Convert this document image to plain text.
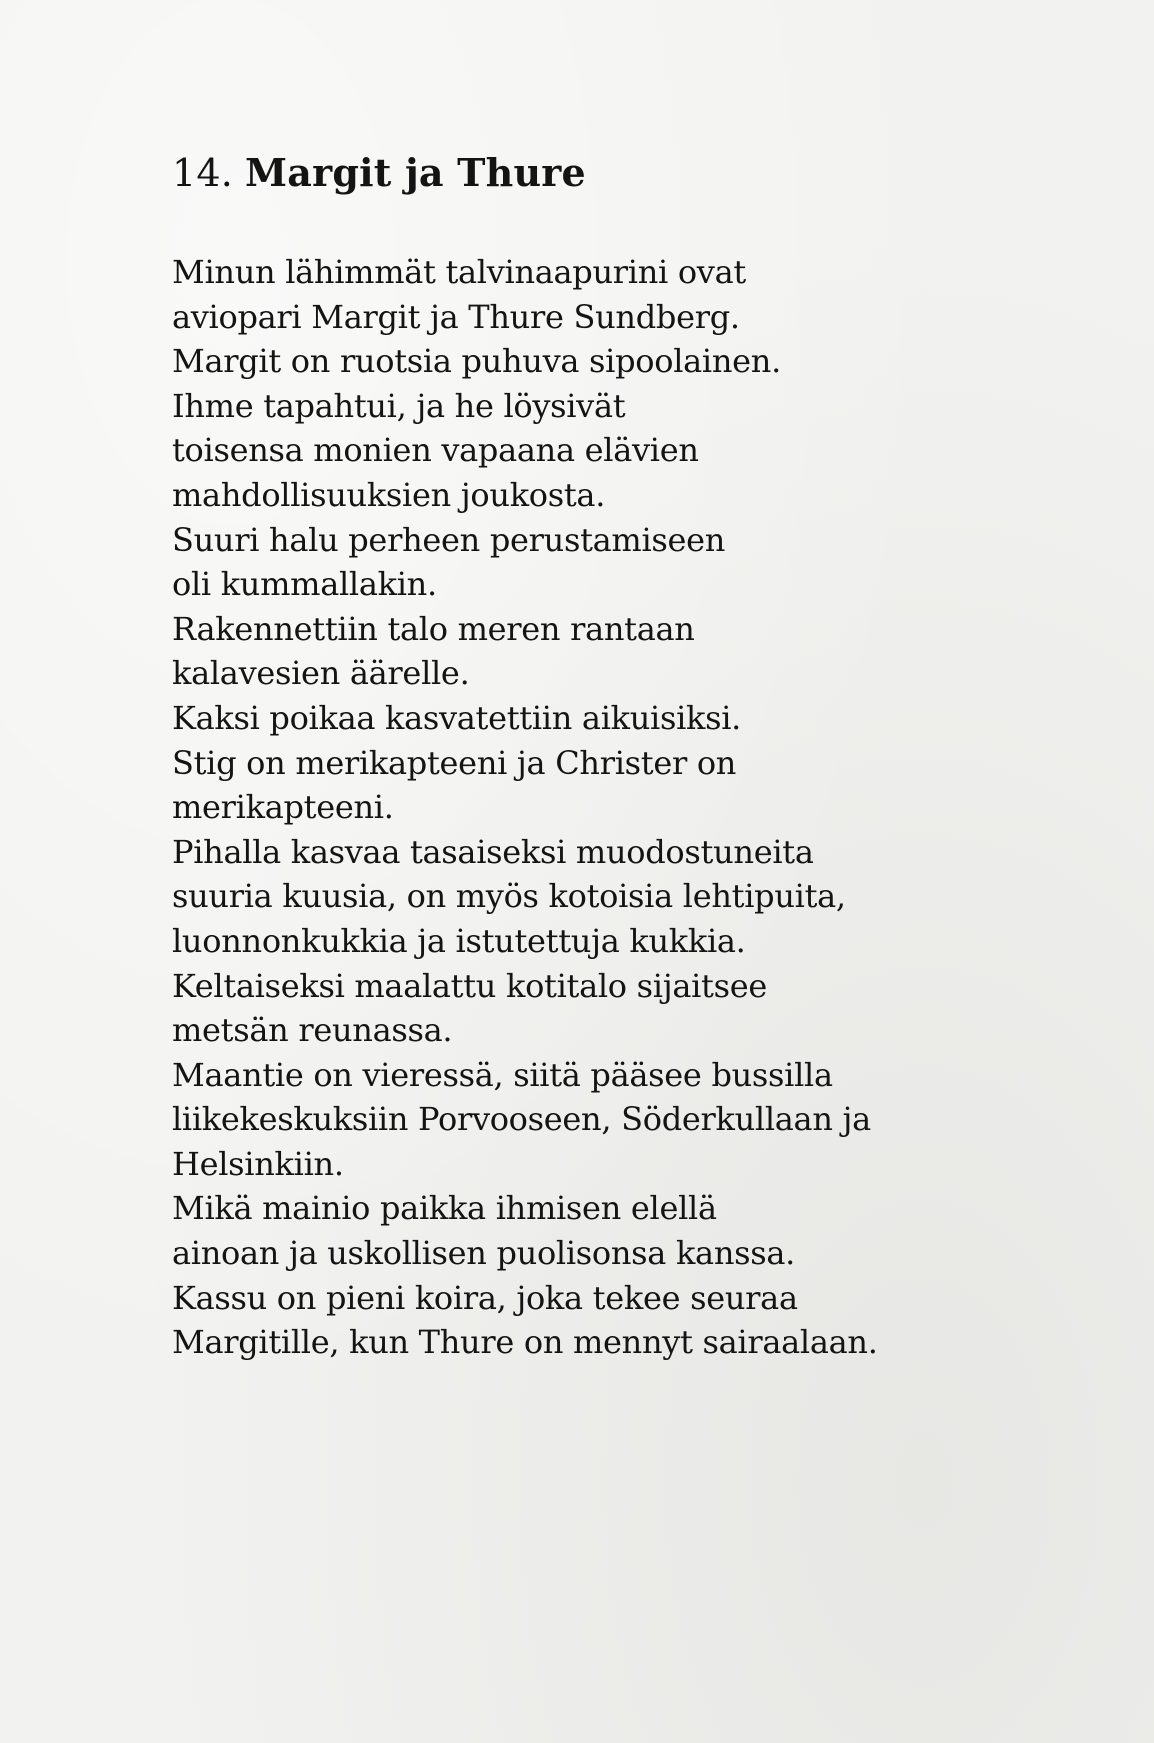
14. Margit ja Thure
Minun lähimmät talvinaapurini ovat
aviopari Margit ja Thure Sundberg.
Margit on ruotsia puhuva sipoolainen.
Ihme tapahtui, ja he löysivät
toisensa monien vapaana elävien
mahdollisuuksien joukosta.
Suuri halu perheen perustamiseen
oli kummallakin.
Rakennettiin talo meren rantaan
kalavesien äärelle.
Kaksi poikaa kasvatettiin aikuisiksi.
Stig on merikapteeni ja Christer on
merikapteeni.
Pihalla kasvaa tasaiseksi muodostuneita
suuria kuusia, on myös kotoisia lehtipuita,
luonnonkukkia ja istutettuja kukkia.
Keltaiseksi maalattu kotitalo sijaitsee
metsän reunassa.
Maantie on vieressä, siitä pääsee bussilla
liikekeskuksiin Porvooseen, Söderkullaan ja
Helsinkiin.
Mikä mainio paikka ihmisen elellä
ainoan ja uskollisen puolisonsa kanssa.
Kassu on pieni koira, joka tekee seuraa
Margitille, kun Thure on mennyt sairaalaan.
